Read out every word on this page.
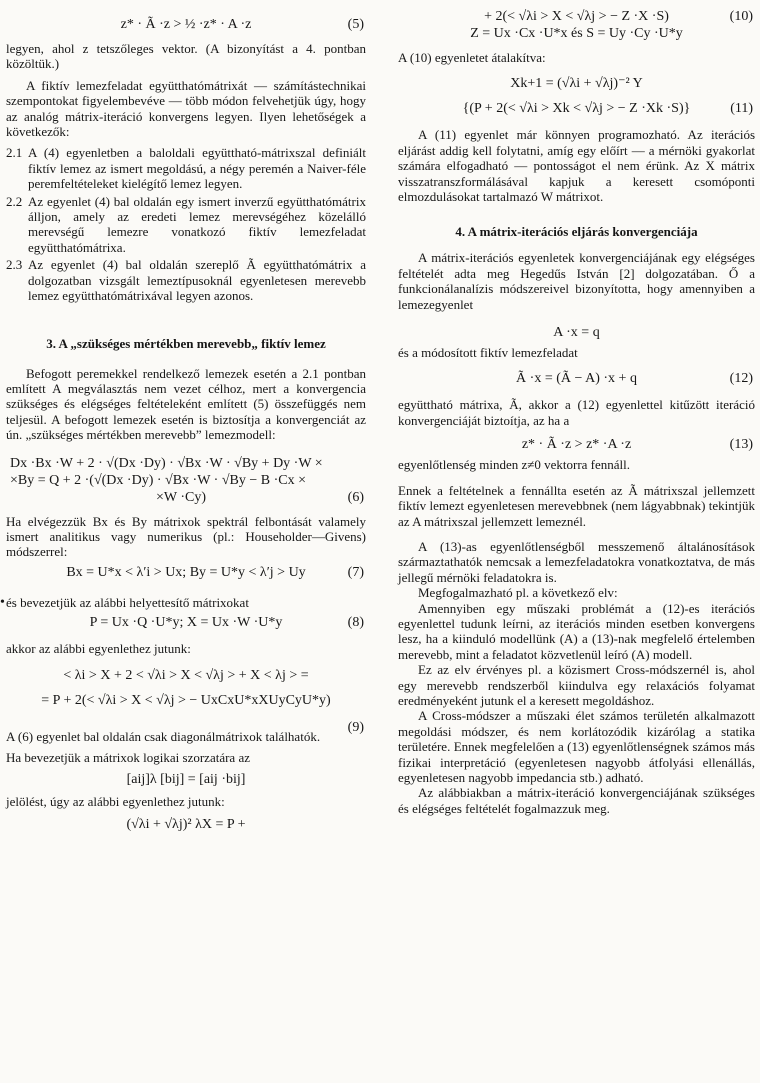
z* · Ã ·z > ½ ·z* · A ·z	(5)

legyen, ahol z tetszőleges vektor. (A bizonyítást a 4. pontban közöltük.)

A fiktív lemezfeladat együtthatómátrixát — számítástechnikai szempontokat figyelembevéve — több módon felvehetjük úgy, hogy az analóg mátrix-iteráció konvergens legyen. Ilyen lehetőségek a következők:

2.1 A (4) egyenletben a baloldali együttható-mátrixszal definiált fiktív lemez az ismert megoldású, a négy peremén a Naiver-féle peremfeltételeket kielégítő lemez legyen.
2.2 Az egyenlet (4) bal oldalán egy ismert inverzű együtthatómátrix álljon, amely az eredeti lemez merevségéhez közelálló merevségű lemezre vonatkozó fiktív lemezfeladat együtthatómátrixa.
2.3 Az egyenlet (4) bal oldalán szereplő Ã együtthatómátrix a dolgozatban vizsgált lemeztípusoknál egyenletesen merevebb lemez együtthatómátrixával legyen azonos.
3. A „szükséges mértékben merevebb„ fiktív lemez

Befogott peremekkel rendelkező lemezek esetén a 2.1 pontban említett A megválasztás nem vezet célhoz, mert a konvergencia szükséges és elégséges feltételeként említett (5) összefüggés nem teljesül. A befogott lemezek esetén is biztosítja a konvergenciát az ún. „szükséges mértékben merevebb” lemezmodell:

Dx ·Bx ·W + 2 · √(Dx ·Dy) · √Bx ·W · √By + Dy ·W ×
×By = Q + 2 ·(√(Dx ·Dy) · √Bx ·W · √By − B ·Cx ×
×W ·Cy)	(6)

Ha elvégezzük Bx és By mátrixok spektrál felbontását valamely ismert analitikus vagy numerikus (pl.: Householder—Givens) módszerrel:

Bx = U*x < λ′i > Ux; By = U*y < λ′j > Uy	(7)

• és bevezetjük az alábbi helyettesítő mátrixokat

P = Ux ·Q ·U*y; X = Ux ·W ·U*y	(8)

akkor az alábbi egyenlethez jutunk:

< λi > X + 2 < √λi > X < √λj > + X < λj > =
= P + 2(< √λi > X < √λj > − UxCxU*xXUyCyU*y)
(9)

A (6) egyenlet bal oldalán csak diagonálmátrixok találhatók.

Ha bevezetjük a mátrixok logikai szorzatára az

[aij]λ [bij] = [aij ·bij]

jelölést, úgy az alábbi egyenlethez jutunk:

(√λi + √λj)² λX = P +
+ 2(< √λi > X < √λj > − Z ·X ·S)
Z = Ux ·Cx ·U*x és S = Uy ·Cy ·U*y
(10)

A (10) egyenletet átalakítva:

Xk+1 = (√λi + √λj)⁻² Y
{(P + 2(< √λi > Xk < √λj > − Z ·Xk ·S)}	(11)

A (11) egyenlet már könnyen programozható. Az iterációs eljárást addig kell folytatni, amíg egy előírt — a mérnöki gyakorlat számára elfogadható — pontosságot el nem érünk. Az X mátrix visszatranszformálásával kapjuk a keresett csomóponti elmozdulásokat tartalmazó W mátrixot.

4. A mátrix-iterációs eljárás konvergenciája

A mátrix-iterációs egyenletek konvergenciájának egy elégséges feltételét adta meg Hegedűs István [2] dolgozatában. Ő a funkcionálanalízis módszereivel bizonyította, hogy amennyiben a lemezegyenlet

A ·x = q

és a módosított fiktív lemezfeladat

Ã ·x = (Ã − A) ·x + q	(12)

együttható mátrixa, Ã, akkor a (12) egyenlettel kitűzött iteráció konvergenciáját biztoítja, az ha a

z* · Ã ·z > z* ·A ·z	(13)

egyenlőtlenség minden z≠0 vektorra fennáll.

Ennek a feltételnek a fennállta esetén az Ã mátrixszal jellemzett fiktív lemezt egyenletesen merevebbnek (nem lágyabbnak) tekintjük az A mátrixszal jellemzett lemeznél.

A (13)-as egyenlőtlenségből messzemenő általánosítások származtathatók nemcsak a lemezfeladatokra vonatkoztatva, de más jellegű mérnöki feladatokra is.

Megfogalmazható pl. a következő elv:

Amennyiben egy műszaki problémát a (12)-es iterációs egyenlettel tudunk leírni, az iterációs minden esetben konvergens lesz, ha a kiinduló modellünk (A) a (13)-nak megfelelő értelemben merevebb, mint a feladatot közvetlenül leíró (A) modell.

Ez az elv érvényes pl. a közismert Cross-módszernél is, ahol egy merevebb rendszerből kiindulva egy relaxációs folyamat eredményeként jutunk el a keresett megoldáshoz.

A Cross-módszer a műszaki élet számos területén alkalmazott megoldási módszer, és nem korlátozódik kizárólag a statika területére. Ennek megfelelően a (13) egyenlőtlenségnek számos más fizikai interpretáció (egyenletesen nagyobb átfolyási ellenállás, egyenletesen nagyobb impedancia stb.) adható.

Az alábbiakban a mátrix-iteráció konvergenciájának szükséges és elégséges feltételét fogalmazzuk meg.
